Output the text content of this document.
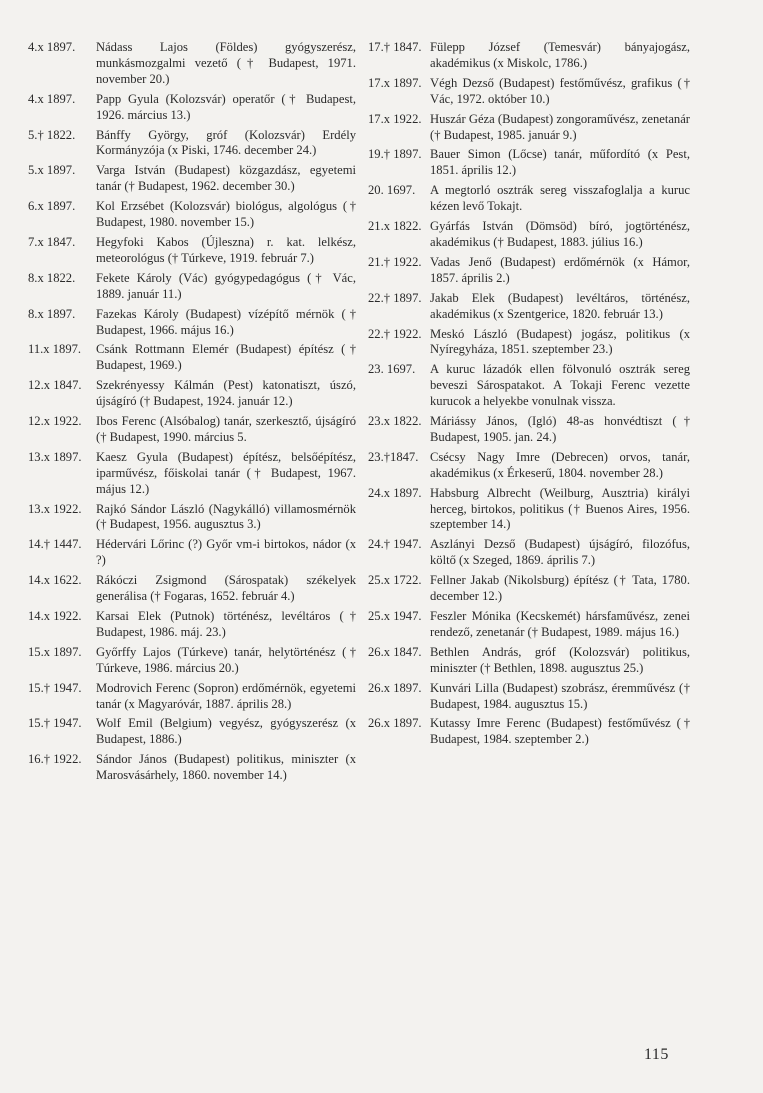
4.x 1897.	Nádass Lajos (Földes) gyógyszerész, munkásmozgalmi vezető († Budapest, 1971. november 20.)
4.x 1897.	Papp Gyula (Kolozsvár) operatőr († Budapest, 1926. március 13.)
5.† 1822.	Bánffy György, gróf (Kolozsvár) Erdély Kormányzója (x Piski, 1746. december 24.)
5.x 1897.	Varga István (Budapest) közgazdász, egyetemi tanár († Budapest, 1962. december 30.)
6.x 1897.	Kol Erzsébet (Kolozsvár) biológus, algológus († Budapest, 1980. november 15.)
7.x 1847.	Hegyfoki Kabos (Újleszna) r. kat. lelkész, meteorológus († Túrkeve, 1919. február 7.)
8.x 1822.	Fekete Károly (Vác) gyógypedagógus († Vác, 1889. január 11.)
8.x 1897.	Fazekas Károly (Budapest) vízépítő mérnök († Budapest, 1966. május 16.)
11.x 1897.	Csánk Rottmann Elemér (Budapest) építész († Budapest, 1969.)
12.x 1847.	Szekrényessy Kálmán (Pest) katonatiszt, úszó, újságíró († Budapest, 1924. január 12.)
12.x 1922.	Ibos Ferenc (Alsóbalog) tanár, szerkesztő, újságíró († Budapest, 1990. március 5.
13.x 1897.	Kaesz Gyula (Budapest) építész, belsőépítész, iparművész, főiskolai tanár († Budapest, 1967. május 12.)
13.x 1922.	Rajkó Sándor László (Nagykálló) villamosmérnök († Budapest, 1956. augusztus 3.)
14.† 1447.	Hédervári Lőrinc (?) Győr vm-i birtokos, nádor (x ?)
14.x 1622.	Rákóczi Zsigmond (Sárospatak) székelyek generálisa († Fogaras, 1652. február 4.)
14.x 1922.	Karsai Elek (Putnok) történész, levéltáros († Budapest, 1986. máj. 23.)
15.x 1897.	Győrffy Lajos (Túrkeve) tanár, helytörténész († Túrkeve, 1986. március 20.)
15.† 1947.	Modrovich Ferenc (Sopron) erdőmérnök, egyetemi tanár (x Magyaróvár, 1887. április 28.)
15.† 1947.	Wolf Emil (Belgium) vegyész, gyógyszerész (x Budapest, 1886.)
16.† 1922.	Sándor János (Budapest) politikus, miniszter (x Marosvásárhely, 1860. november 14.)
17.† 1847. Fülepp József (Temesvár) bányajogász, akadémikus (x Miskolc, 1786.)
17.x 1897. Végh Dezső (Budapest) festőművész, grafikus († Vác, 1972. október 10.)
17.x 1922. Huszár Géza (Budapest) zongoraművész, zenetanár († Budapest, 1985. január 9.)
19.† 1897. Bauer Simon (Lőcse) tanár, műfordító (x Pest, 1851. április 12.)
20. 1697.	A megtorló osztrák sereg visszafoglalja a kuruc kézen levő Tokajt.
21.x 1822. Gyárfás István (Dömsöd) bíró, jogtörténész, akadémikus († Budapest, 1883. július 16.)
21.† 1922. Vadas Jenő (Budapest) erdőmérnök (x Hámor, 1857. április 2.)
22.† 1897. Jakab Elek (Budapest) levéltáros, történész, akadémikus (x Szentgerice, 1820. február 13.)
22.† 1922. Meskó László (Budapest) jogász, politikus (x Nyíregyháza, 1851. szeptember 23.)
23. 1697.	A kuruc lázadók ellen fölvonuló osztrák sereg beveszi Sárospatakot. A Tokaji Ferenc vezette kurucok a helyekbe vonulnak vissza.
23.x 1822. Máriássy János, (Igló) 48-as honvédtiszt († Budapest, 1905. jan. 24.)
23.†1847. Csécsy Nagy Imre (Debrecen) orvos, tanár, akadémikus (x Érkeserű, 1804. november 28.)
24.x 1897. Habsburg Albrecht (Weilburg, Ausztria) királyi herceg, birtokos, politikus († Buenos Aires, 1956. szeptember 14.)
24.† 1947. Aszlányi Dezső (Budapest) újságíró, filozófus, költő (x Szeged, 1869. április 7.)
25.x 1722. Fellner Jakab (Nikolsburg) építész († Tata, 1780. december 12.)
25.x 1947. Feszler Mónika (Kecskemét) hársfaművész, zenei rendező, zenetanár († Budapest, 1989. május 16.)
26.x 1847. Bethlen András, gróf (Kolozsvár) politikus, miniszter († Bethlen, 1898. augusztus 25.)
26.x 1897. Kunvári Lilla (Budapest) szobrász, éremművész († Budapest, 1984. augusztus 15.)
26.x 1897. Kutassy Imre Ferenc (Budapest) festőművész († Budapest, 1984. szeptember 2.)
115
